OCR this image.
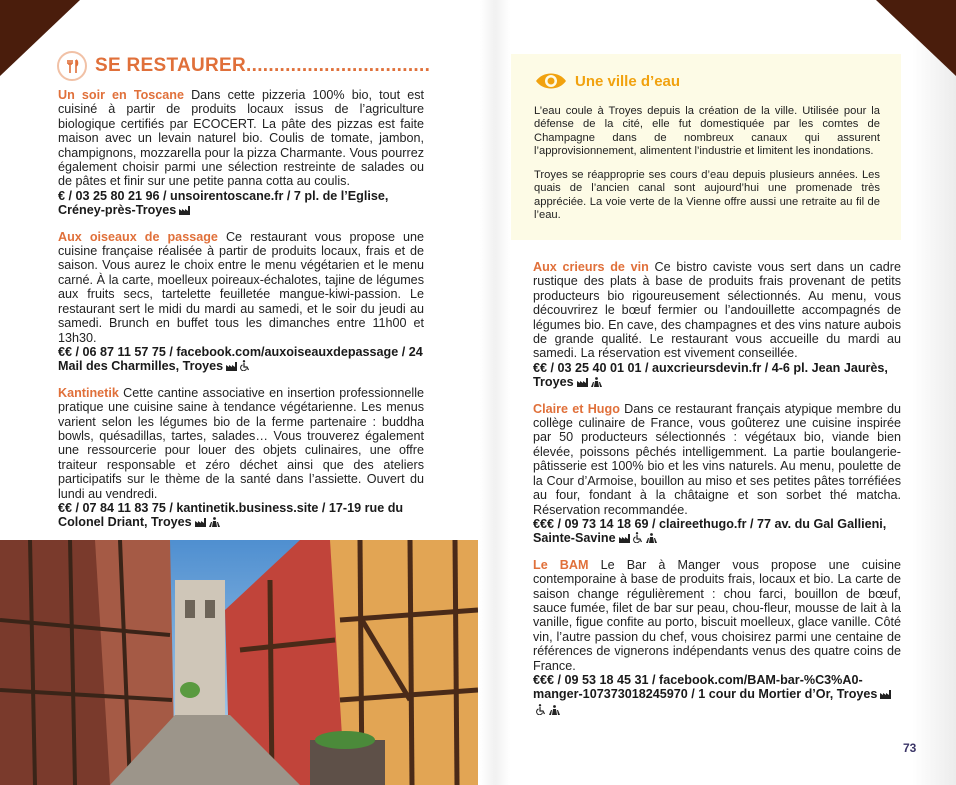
SE RESTAURER.................................
Un soir en Toscane Dans cette pizzeria 100% bio, tout est cuisiné à partir de produits locaux issus de l’agriculture biologique certifiés par ECOCERT. La pâte des pizzas est faite maison avec un levain naturel bio. Coulis de tomate, jambon, champignons, mozzarella pour la pizza Charmante. Vous pourrez également choisir parmi une sélection restreinte de salades ou de pâtes et finir sur une petite panna cotta au coulis.
€ / 03 25 80 21 96 / unsoirentoscane.fr / 7 pl. de l’Eglise, Créney-près-Troyes
Aux oiseaux de passage Ce restaurant vous propose une cuisine française réalisée à partir de produits locaux, frais et de saison. Vous aurez le choix entre le menu végétarien et le menu carné. À la carte, moelleux poireaux-échalotes, tajine de légumes aux fruits secs, tartelette feuilletée mangue-kiwi-passion. Le restaurant sert le midi du mardi au samedi, et le soir du jeudi au samedi. Brunch en buffet tous les dimanches entre 11h00 et 13h30.
€€ / 06 87 11 57 75 / facebook.com/auxoiseauxdepassage / 24 Mail des Charmilles, Troyes
Kantinetik Cette cantine associative en insertion professionnelle pratique une cuisine saine à tendance végétarienne. Les menus varient selon les légumes bio de la ferme partenaire : buddha bowls, quésadillas, tartes, salades… Vous trouverez également une ressourcerie pour louer des objets culinaires, une offre traiteur responsable et zéro déchet ainsi que des ateliers participatifs sur le thème de la santé dans l’assiette. Ouvert du lundi au vendredi.
€€ / 07 84 11 83 75 / kantinetik.business.site / 17-19 rue du Colonel Driant, Troyes
Une ville d’eau

L’eau coule à Troyes depuis la création de la ville. Utilisée pour la défense de la cité, elle fut domestiquée par les comtes de Champagne dans de nombreux canaux qui assurent l’approvisionnement, alimentent l’industrie et limitent les inondations.

Troyes se réapproprie ses cours d’eau depuis plusieurs années. Les quais de l’ancien canal sont aujourd’hui une promenade très appréciée. La voie verte de la Vienne offre aussi une retraite au fil de l’eau.

Aux crieurs de vin Ce bistro caviste vous sert dans un cadre rustique des plats à base de produits frais provenant de petits producteurs bio rigoureusement sélectionnés. Au menu, vous découvrirez le bœuf fermier ou l’andouillette accompagnés de légumes bio. En cave, des champagnes et des vins nature aubois de grande qualité. Le restaurant vous accueille du mardi au samedi. La réservation est vivement conseillée.
€€ / 03 25 40 01 01 / auxcrieursdevin.fr / 4-6 pl. Jean Jaurès, Troyes
Claire et Hugo Dans ce restaurant français atypique membre du collège culinaire de France, vous goûterez une cuisine inspirée par 50 producteurs sélectionnés : végétaux bio, viande bien élevée, poissons pêchés intelligemment. La partie boulangerie-pâtisserie est 100% bio et les vins naturels. Au menu, poulette de la Cour d’Armoise, bouillon au miso et ses petites pâtes torréfiées au four, fondant à la châtaigne et son sorbet thé matcha. Réservation recommandée.
€€€ / 09 73 14 18 69 / claireethugo.fr / 77 av. du Gal Gallieni, Sainte-Savine
Le BAM Le Bar à Manger vous propose une cuisine contemporaine à base de produits frais, locaux et bio. La carte de saison change régulièrement : chou farci, bouillon de bœuf, sauce fumée, filet de bar sur peau, chou-fleur, mousse de lait à la vanille, figue confite au porto, biscuit moelleux, glace vanille. Côté vin, l’autre passion du chef, vous choisirez parmi une centaine de références de vignerons indépendants venus des quatre coins de France.
€€€ / 09 53 18 45 31 / facebook.com/BAM-bar-%C3%A0-manger-107373018245970 / 1 cour du Mortier d’Or, Troyes
73
